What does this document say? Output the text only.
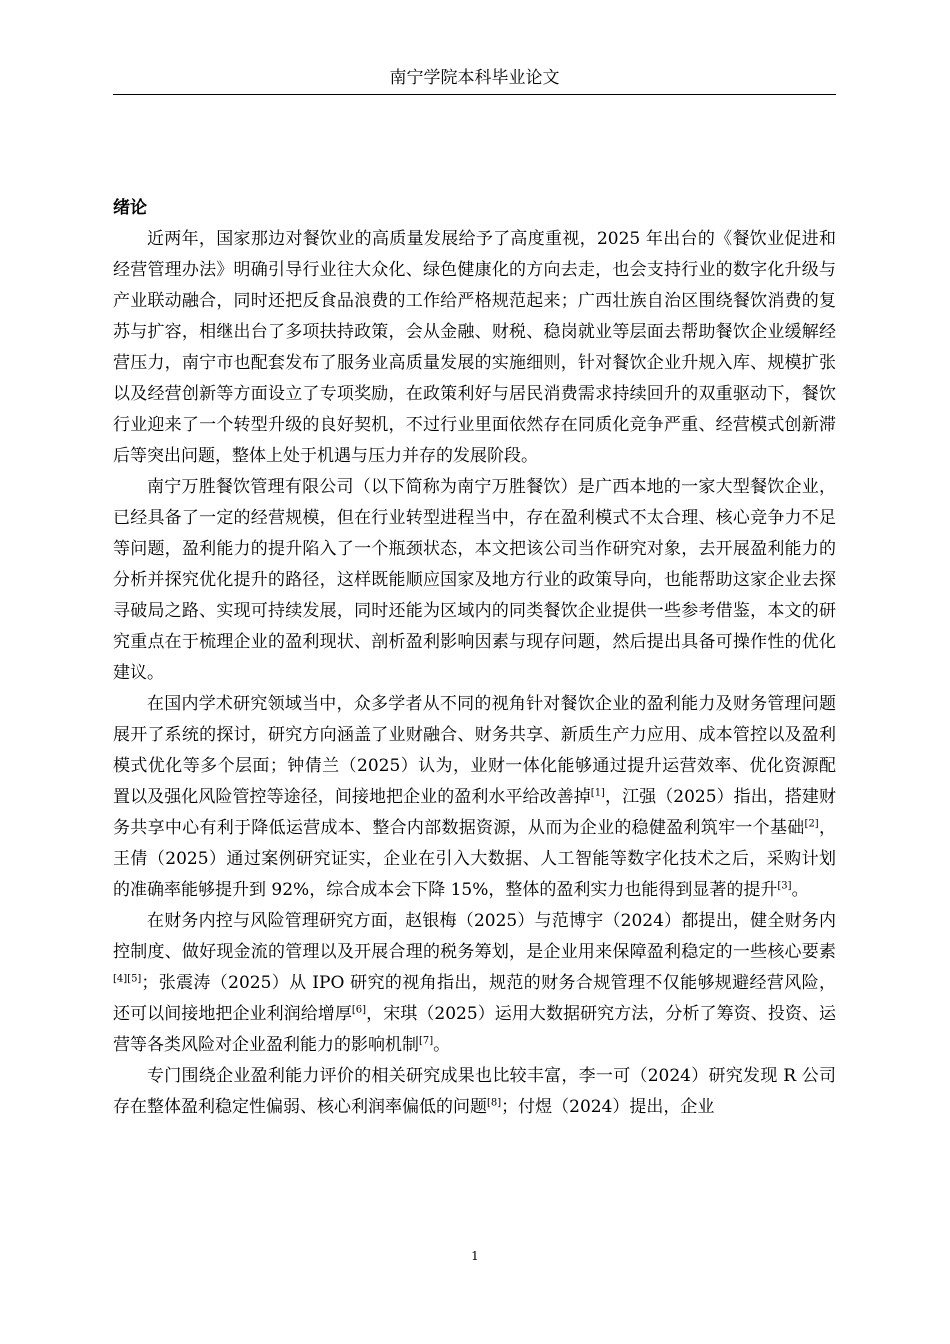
南宁学院本科毕业论文
绪论

近两年，国家那边对餐饮业的高质量发展给予了高度重视，2025 年出台的《餐饮业促进和经营管理办法》明确引导行业往大众化、绿色健康化的方向去走，也会支持行业的数字化升级与产业联动融合，同时还把反食品浪费的工作给严格规范起来；广西壮族自治区围绕餐饮消费的复苏与扩容，相继出台了多项扶持政策，会从金融、财税、稳岗就业等层面去帮助餐饮企业缓解经营压力，南宁市也配套发布了服务业高质量发展的实施细则，针对餐饮企业升规入库、规模扩张以及经营创新等方面设立了专项奖励，在政策利好与居民消费需求持续回升的双重驱动下，餐饮行业迎来了一个转型升级的良好契机，不过行业里面依然存在同质化竞争严重、经营模式创新滞后等突出问题，整体上处于机遇与压力并存的发展阶段。

南宁万胜餐饮管理有限公司（以下简称为南宁万胜餐饮）是广西本地的一家大型餐饮企业，已经具备了一定的经营规模，但在行业转型进程当中，存在盈利模式不太合理、核心竞争力不足等问题，盈利能力的提升陷入了一个瓶颈状态，本文把该公司当作研究对象，去开展盈利能力的分析并探究优化提升的路径，这样既能顺应国家及地方行业的政策导向，也能帮助这家企业去探寻破局之路、实现可持续发展，同时还能为区域内的同类餐饮企业提供一些参考借鉴，本文的研究重点在于梳理企业的盈利现状、剖析盈利影响因素与现存问题，然后提出具备可操作性的优化建议。

在国内学术研究领域当中，众多学者从不同的视角针对餐饮企业的盈利能力及财务管理问题展开了系统的探讨，研究方向涵盖了业财融合、财务共享、新质生产力应用、成本管控以及盈利模式优化等多个层面；钟倩兰（2025）认为，业财一体化能够通过提升运营效率、优化资源配置以及强化风险管控等途径，间接地把企业的盈利水平给改善掉[1]，江强（2025）指出，搭建财务共享中心有利于降低运营成本、整合内部数据资源，从而为企业的稳健盈利筑牢一个基础[2]，王倩（2025）通过案例研究证实，企业在引入大数据、人工智能等数字化技术之后，采购计划的准确率能够提升到 92%，综合成本会下降 15%，整体的盈利实力也能得到显著的提升[3]。

在财务内控与风险管理研究方面，赵银梅（2025）与范博宇（2024）都提出，健全财务内控制度、做好现金流的管理以及开展合理的税务筹划，是企业用来保障盈利稳定的一些核心要素[4][5]；张震涛（2025）从 IPO 研究的视角指出，规范的财务合规管理不仅能够规避经营风险，还可以间接地把企业利润给增厚[6]，宋琪（2025）运用大数据研究方法，分析了筹资、投资、运营等各类风险对企业盈利能力的影响机制[7]。

专门围绕企业盈利能力评价的相关研究成果也比较丰富，李一可（2024）研究发现 R 公司存在整体盈利稳定性偏弱、核心利润率偏低的问题[8]；付煜（2024）提出，企业

1
